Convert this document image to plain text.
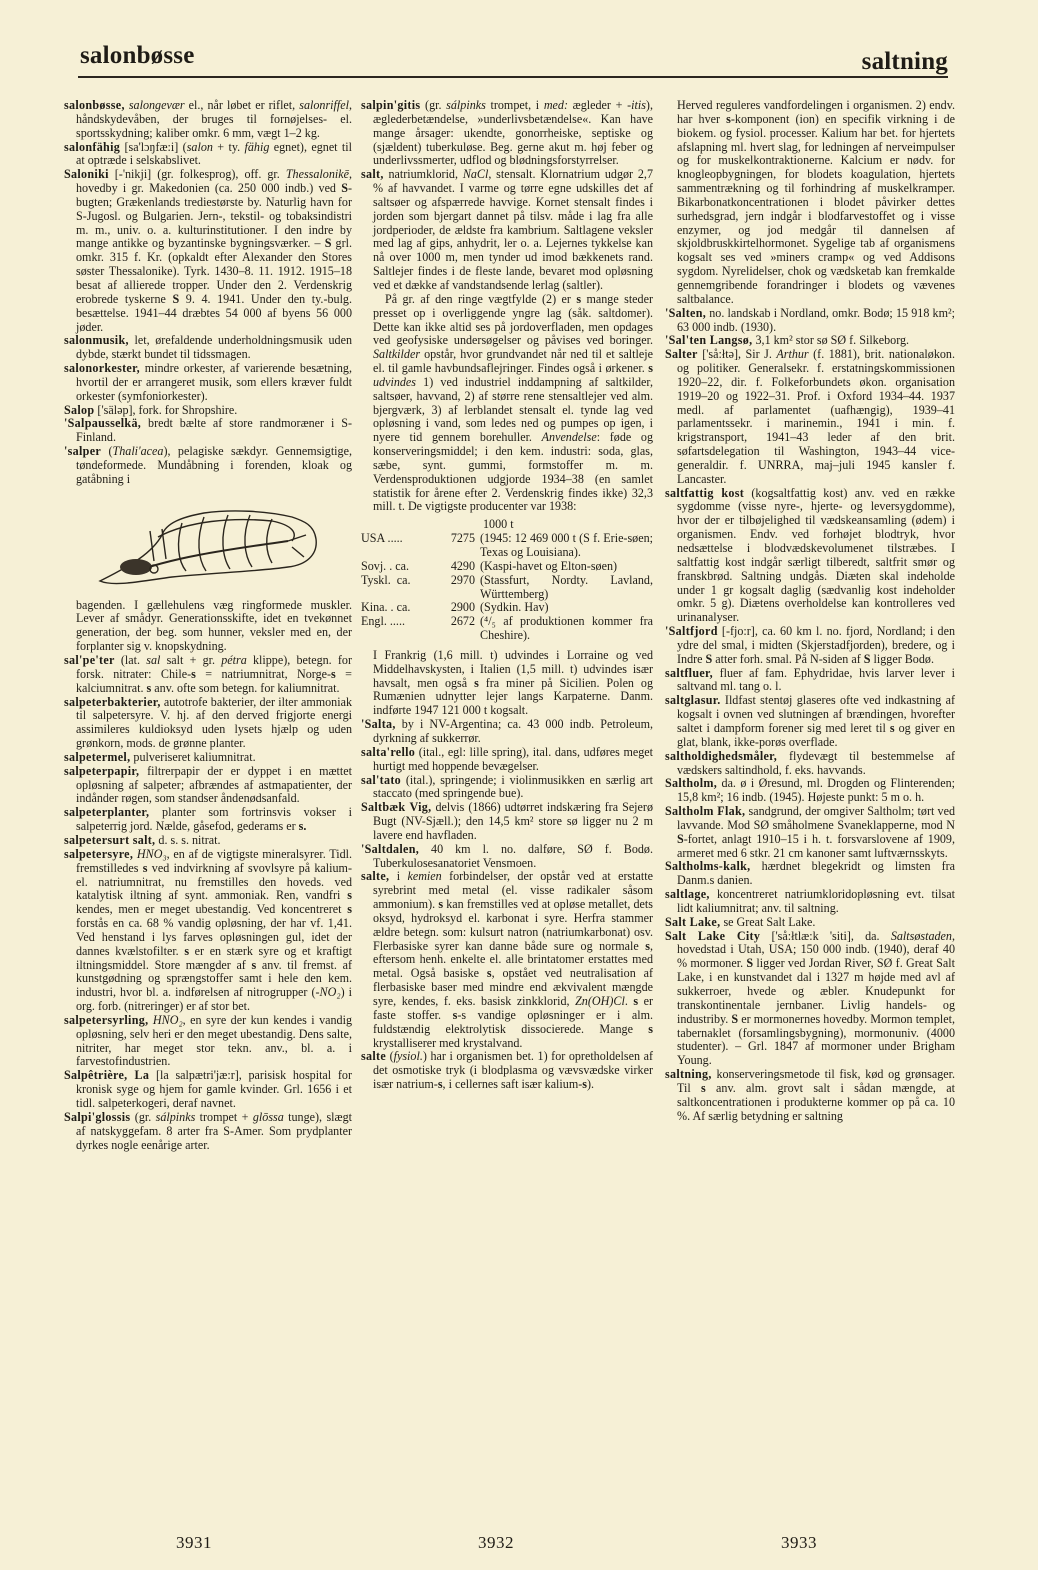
salonbøsse	saltning

salonbøsse, salongevær el., når løbet er riflet, salonriffel, håndskydevåben, der bruges til fornøjelses- el. sportsskydning; kaliber omkr. 6 mm, vægt 1–2 kg.

salonfähig [sa'lɔŋfæ:i] (salon + ty. fähig egnet), egnet til at optræde i selskabslivet.

Saloniki [-'nikji] (gr. folkesprog), off. gr. Thessalonikē, hovedby i gr. Makedonien (ca. 250 000 indb.) ved S-bugten; Grækenlands trediestørste by. Naturlig havn for S-Jugosl. og Bulgarien. Jern-, tekstil- og tobaksindistri m. m., univ. o. a. kulturinstitutioner. I den indre by mange antikke og byzantinske bygningsværker. – S grl. omkr. 315 f. Kr. (opkaldt efter Alexander den Stores søster Thessalonike). Tyrk. 1430–8. 11. 1912. 1915–18 besat af allierede tropper. Under den 2. Verdenskrig erobrede tyskerne S 9. 4. 1941. Under den ty.-bulg. besættelse. 1941–44 dræbtes 54 000 af byens 56 000 jøder.

salonmusik, let, ørefaldende underholdningsmusik uden dybde, stærkt bundet til tidssmagen.

salonorkester, mindre orkester, af varierende besætning, hvortil der er arrangeret musik, som ellers kræver fuldt orkester (symfoniorkester).

Salop ['sälәp], fork. for Shropshire.

'Salpausselkä, bredt bælte af store randmoræner i S-Finland.

'salper (Thali'acea), pelagiske sækdyr. Gennemsigtige, tøndeformede. Mundåbning i forenden, kloak og gatåbning i

bagenden. I gællehulens væg ringformede muskler. Lever af smådyr. Generationsskifte, idet en tvekønnet generation, der beg. som hunner, veksler med en, der forplanter sig v. knopskydning.

sal'pe'ter (lat. sal salt + gr. pétra klippe), betegn. for forsk. nitrater: Chile-s = natriumnitrat, Norge-s = kalciumnitrat. s anv. ofte som betegn. for kaliumnitrat.

salpeterbakterier, autotrofe bakterier, der ilter ammoniak til salpetersyre. V. hj. af den derved frigjorte energi assimileres kuldioksyd uden lysets hjælp og uden grønkorn, mods. de grønne planter.

salpetermel, pulveriseret kaliumnitrat.

salpeterpapir, filtrerpapir der er dyppet i en mættet opløsning af salpeter; afbrændes af astmapatienter, der indånder røgen, som standser åndenødsanfald.

salpeterplanter, planter som fortrinsvis vokser i salpeterrig jord. Nælde, gåsefod, gederams er s.

salpetersurt salt, d. s. s. nitrat.

salpetersyre, HNO₃, en af de vigtigste mineralsyrer. Tidl. fremstilledes s ved indvirkning af svovlsyre på kalium- el. natriumnitrat, nu fremstilles den hoveds. ved katalytisk iltning af synt. ammoniak. Ren, vandfri s kendes, men er meget ubestandig. Ved koncentreret s forstås en ca. 68 % vandig opløsning, der har vf. 1,41. Ved henstand i lys farves opløsningen gul, idet der dannes kvælstofilter. s er en stærk syre og et kraftigt iltningsmiddel. Store mængder af s anv. til fremst. af kunstgødning og sprængstoffer samt i hele den kem. industri, hvor bl. a. indførelsen af nitrogrupper (-NO₂) i org. forb. (nitreringer) er af stor bet.

salpetersyrling, HNO₂, en syre der kun kendes i vandig opløsning, selv heri er den meget ubestandig. Dens salte, nitriter, har meget stor tekn. anv., bl. a. i farvestofindustrien.

Salpêtrière, La [la salpætri'jæ:r], parisisk hospital for kronisk syge og hjem for gamle kvinder. Grl. 1656 i et tidl. salpeterkogeri, deraf navnet.

Salpi'glossis (gr. sálpinks trompet + glōssa tunge), slægt af natskyggefam. 8 arter fra S-Amer. Som prydplanter dyrkes nogle eenårige arter.

salpin'gitis (gr. sálpinks trompet, i med: ægleder + -itis), æglederbetændelse, »underlivsbetændelse«. Kan have mange årsager: ukendte, gonorrheiske, septiske og (sjældent) tuberkuløse. Beg. gerne akut m. høj feber og underlivssmerter, udflod og blødningsforstyrrelser.

salt, natriumklorid, NaCl, stensalt. Klornatrium udgør 2,7 % af havvandet. I varme og tørre egne udskilles det af saltsøer og afspærrede havvige. Kornet stensalt findes i jorden som bjergart dannet på tilsv. måde i lag fra alle jordperioder, de ældste fra kambrium. Saltlagene veksler med lag af gips, anhydrit, ler o. a. Lejernes tykkelse kan nå over 1000 m, men tynder ud imod bækkenets rand. Saltlejer findes i de fleste lande, bevaret mod opløsning ved et dække af vandstandsende lerlag (saltler).

På gr. af den ringe vægtfylde (2) er s mange steder presset op i overliggende yngre lag (såk. saltdomer). Dette kan ikke altid ses på jordoverfladen, men opdages ved geofysiske undersøgelser og påvises ved boringer. Saltkilder opstår, hvor grundvandet når ned til et saltleje el. til gamle havbundsaflejringer. Findes også i ørkener. s udvindes 1) ved industriel inddampning af saltkilder, saltsøer, havvand, 2) af større rene stensaltlejer ved alm. bjergværk, 3) af lerblandet stensalt el. tynde lag ved opløsning i vand, som ledes ned og pumpes op igen, i nyere tid gennem borehuller. Anvendelse: føde og konserveringsmiddel; i den kem. industri: soda, glas, sæbe, synt. gummi, formstoffer m. m. Verdensproduktionen udgjorde 1934–38 (en samlet statistik for årene efter 2. Verdenskrig findes ikke) 32,3 mill. t. De vigtigste producenter var 1938:

1000 t
USA .....	7275 (1945: 12 469 000 t (S f. Erie-søen; Texas og Louisiana).
Sovj. . ca.	4290 (Kaspi-havet og Elton-søen)
Tyskl.  ca.	2970 (Stassfurt, Nordty. Lavland, Württemberg)
Kina. . ca.	2900 (Sydkin. Hav)
Engl. .....	2672 (⁴/₅ af produktionen kommer fra Cheshire).

I Frankrig (1,6 mill. t) udvindes i Lorraine og ved Middelhavskysten, i Italien (1,5 mill. t) udvindes især havsalt, men også s fra miner på Sicilien. Polen og Rumænien udnytter lejer langs Karpaterne. Danm. indførte 1947 121 000 t kogsalt.

'Salta, by i NV-Argentina; ca. 43 000 indb. Petroleum, dyrkning af sukkerrør.

salta'rello (ital., egl: lille spring), ital. dans, udføres meget hurtigt med hoppende bevægelser.

sal'tato (ital.), springende; i violinmusikken en særlig art staccato (med springende bue).

Saltbæk Vig, delvis (1866) udtørret indskæring fra Sejerø Bugt (NV-Sjæll.); den 14,5 km² store sø ligger nu 2 m lavere end havfladen.

'Saltdalen, 40 km l. no. dalføre, SØ f. Bodø. Tuberkulosesanatoriet Vensmoen.

salte, i kemien forbindelser, der opstår ved at erstatte syrebrint med metal (el. visse radikaler såsom ammonium). s kan fremstilles ved at opløse metallet, dets oksyd, hydroksyd el. karbonat i syre. Herfra stammer ældre betegn. som: kulsurt natron (natriumkarbonat) osv. Flerbasiske syrer kan danne både sure og normale s, eftersom henh. enkelte el. alle brintatomer erstattes med metal. Også basiske s, opstået ved neutralisation af flerbasiske baser med mindre end ækvivalent mængde syre, kendes, f. eks. basisk zinkklorid, Zn(OH)Cl. s er faste stoffer. s-s vandige opløsninger er i alm. fuldstændig elektrolytisk dissocierede. Mange s krystalliserer med krystalvand.

salte (fysiol.) har i organismen bet. 1) for opretholdelsen af det osmotiske tryk (i blodplasma og vævsvædske virker især natrium-s, i cellernes saft især kalium-s).

Herved reguleres vandfordelingen i organismen. 2) endv. har hver s-komponent (ion) en specifik virkning i de biokem. og fysiol. processer. Kalium har bet. for hjertets afslapning ml. hvert slag, for ledningen af nerveimpulser og for muskelkontraktionerne. Kalcium er nødv. for knogleopbygningen, for blodets koagulation, hjertets sammentrækning og til forhindring af muskelkramper. Bikarbonatkoncentrationen i blodet påvirker dettes surhedsgrad, jern indgår i blodfarvestoffet og i visse enzymer, og jod medgår til dannelsen af skjoldbruskkirtelhormonet. Sygelige tab af organismens kogsalt ses ved »miners cramp« og ved Addisons sygdom. Nyrelidelser, chok og vædsketab kan fremkalde gennemgribende forandringer i blodets og vævenes saltbalance.

'Salten, no. landskab i Nordland, omkr. Bodø; 15 918 km²; 63 000 indb. (1930).

'Sal'ten Langsø, 3,1 km² stor sø SØ f. Silkeborg.

Salter ['så:łtә], Sir J. Arthur (f. 1881), brit. nationaløkon. og politiker. Generalsekr. f. erstatningskommissionen 1920–22, dir. f. Folkeforbundets økon. organisation 1919–20 og 1922–31. Prof. i Oxford 1934–44. 1937 medl. af parlamentet (uafhængig), 1939–41 parlamentssekr. i marinemin., 1941 i min. f. krigstransport, 1941–43 leder af den brit. søfartsdelegation til Washington, 1943–44 vice-generaldir. f. UNRRA, maj–juli 1945 kansler f. Lancaster.

saltfattig kost (kogsaltfattig kost) anv. ved en række sygdomme (visse nyre-, hjerte- og leversygdomme), hvor der er tilbøjelighed til vædskeansamling (ødem) i organismen. Endv. ved forhøjet blodtryk, hvor nedsættelse i blodvædskevolumenet tilstræbes. I saltfattig kost indgår særligt tilberedt, saltfrit smør og franskbrød. Saltning undgås. Diæten skal indeholde under 1 gr kogsalt daglig (sædvanlig kost indeholder omkr. 5 g). Diætens overholdelse kan kontrolleres ved urinanalyser.

'Saltfjord [-fjo:r], ca. 60 km l. no. fjord, Nordland; i den ydre del smal, i midten (Skjerstadfjorden), bredere, og i Indre S atter forh. smal. På N-siden af S ligger Bodø.

saltfluer, fluer af fam. Ephydridae, hvis larver lever i saltvand ml. tang o. l.

saltglasur. Ildfast stentøj glaseres ofte ved indkastning af kogsalt i ovnen ved slutningen af brændingen, hvorefter saltet i dampform forener sig med leret til s og giver en glat, blank, ikke-porøs overflade.

saltholdighedsmåler, flydevægt til bestemmelse af vædskers saltindhold, f. eks. havvands.

Saltholm, da. ø i Øresund, ml. Drogden og Flinterenden; 15,8 km²; 16 indb. (1945). Højeste punkt: 5 m o. h.

Saltholm Flak, sandgrund, der omgiver Saltholm; tørt ved lavvande. Mod SØ småholmene Svaneklapperne, mod N S-fortet, anlagt 1910–15 i h. t. forsvarslovene af 1909, armeret med 6 stkr. 21 cm kanoner samt luftværnsskyts.

Saltholms-kalk, hærdnet blegekridt og limsten fra Danm.s danien.

saltlage, koncentreret natriumkloridopløsning evt. tilsat lidt kaliumnitrat; anv. til saltning.

Salt Lake, se Great Salt Lake.

Salt Lake City ['så:łtlæ:k 'siti], da. Saltsøstaden, hovedstad i Utah, USA; 150 000 indb. (1940), deraf 40 % mormoner. S ligger ved Jordan River, SØ f. Great Salt Lake, i en kunstvandet dal i 1327 m højde med avl af sukkerroer, hvede og æbler. Knudepunkt for transkontinentale jernbaner. Livlig handels- og industriby. S er mormonernes hovedby. Mormon templet, tabernaklet (forsamlingsbygning), mormonuniv. (4000 studenter). – Grl. 1847 af mormoner under Brigham Young.

saltning, konserveringsmetode til fisk, kød og grønsager. Til s anv. alm. grovt salt i sådan mængde, at saltkoncentrationen i produkterne kommer op på ca. 10 %. Af særlig betydning er saltning

3931	3932	3933
